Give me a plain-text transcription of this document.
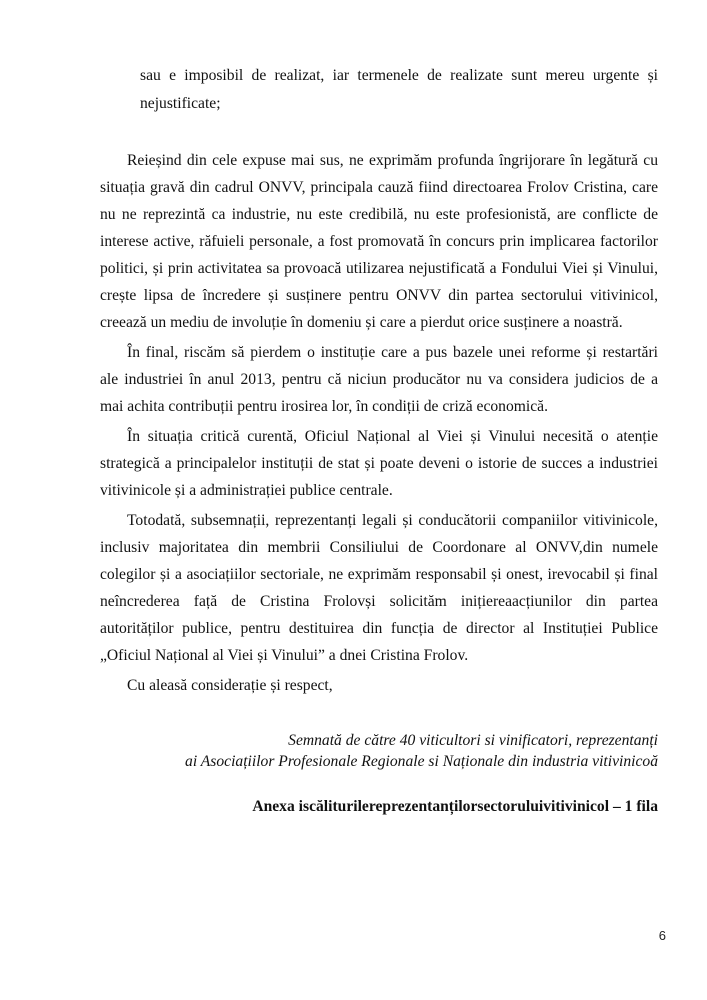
sau e imposibil de realizat, iar termenele de realizate sunt mereu urgente și
nejustificate;
Reieșind din cele expuse mai sus, ne exprimăm profunda îngrijorare în legătură cu
situația gravă din cadrul ONVV, principala cauză fiind directoarea Frolov Cristina, care
nu ne reprezintă ca industrie, nu este credibilă, nu este profesionistă, are conflicte de
interese active, răfuieli personale, a fost promovată în concurs prin implicarea factorilor
politici, și prin activitatea sa provoacă utilizarea nejustificată a Fondului Viei și Vinului,
crește lipsa de încredere și susținere pentru ONVV din partea sectorului vitivinicol,
creează un mediu de involuție în domeniu și care a pierdut orice susținere a noastră.
În final, riscăm să pierdem o instituție care a pus bazele unei reforme și restartări
ale industriei în anul 2013, pentru că niciun producător nu va considera judicios de a
mai achita contribuții pentru irosirea lor, în condiții de criză economică.
În situația critică curentă, Oficiul Național al Viei și Vinului necesită o atenție
strategică a principalelor instituții de stat și poate deveni o istorie de succes a industriei
vitivinicole și a administrației publice centrale.
Totodată, subsemnații, reprezentanți legali și conducătorii companiilor vitivinicole,
inclusiv majoritatea din membrii Consiliului de Coordonare al ONVV,din numele
colegilor și a asociațiilor sectoriale, ne exprimăm responsabil și onest, irevocabil și final
neîncrederea față de Cristina Frolovși solicităm inițiereaacțiunilor din partea
autorităților publice, pentru destituirea din funcția de director al Instituției Publice
„Oficiul Național al Viei și Vinului” a dnei Cristina Frolov.
Cu aleasă considerație și respect,
Semnată de către 40 viticultori si vinificatori, reprezentanți
ai Asociațiilor Profesionale Regionale si Naționale din industria vitivinicoă
Anexa iscăliturilereprezentanțilorsectoruluivitivinicol – 1 fila
6
